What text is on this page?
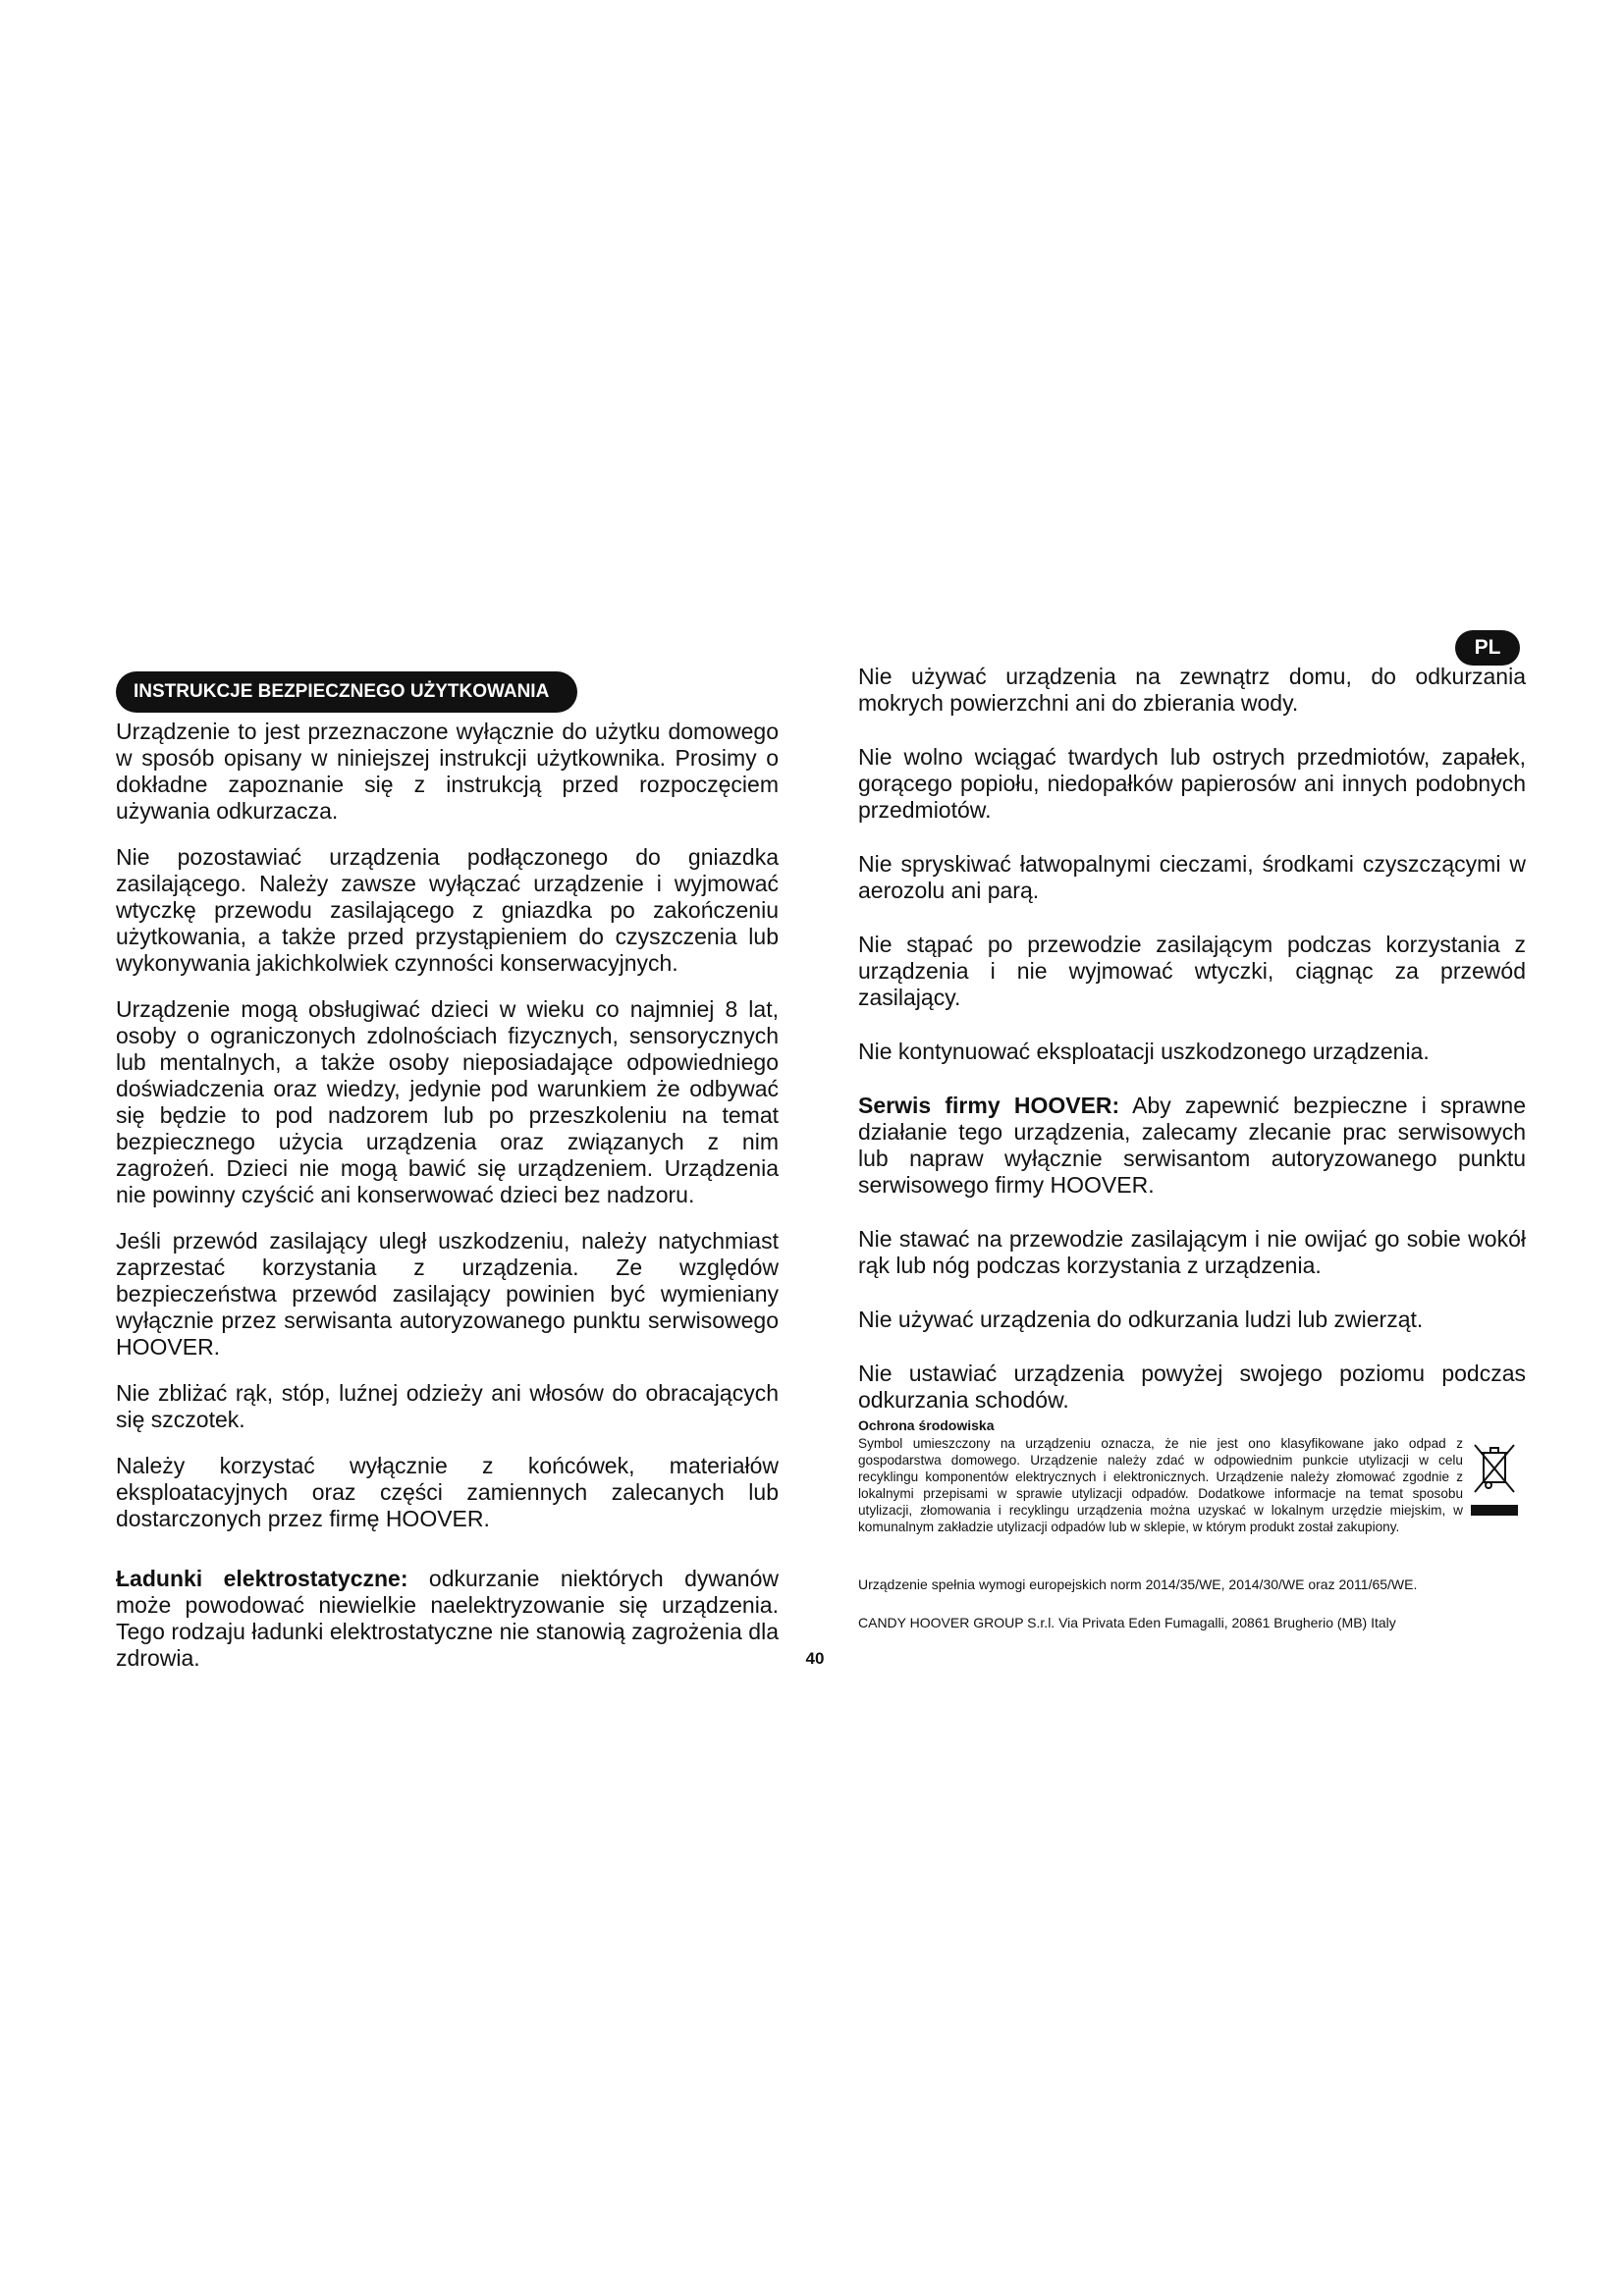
PL
INSTRUKCJE BEZPIECZNEGO UŻYTKOWANIA

Urządzenie to jest przeznaczone wyłącznie do użytku domowego w sposób opisany w niniejszej instrukcji użytkownika. Prosimy o dokładne zapoznanie się z instrukcją przed rozpoczęciem używania odkurzacza.

Nie pozostawiać urządzenia podłączonego do gniazdka zasilającego. Należy zawsze wyłączać urządzenie i wyjmować wtyczkę przewodu zasilającego z gniazdka po zakończeniu użytkowania, a także przed przystąpieniem do czyszczenia lub wykonywania jakichkolwiek czynności konserwacyjnych.

Urządzenie mogą obsługiwać dzieci w wieku co najmniej 8 lat, osoby o ograniczonych zdolnościach fizycznych, sensorycznych lub mentalnych, a także osoby nieposiadające odpowiedniego doświadczenia oraz wiedzy, jedynie pod warunkiem że odbywać się będzie to pod nadzorem lub po przeszkoleniu na temat bezpiecznego użycia urządzenia oraz związanych z nim zagrożeń. Dzieci nie mogą bawić się urządzeniem. Urządzenia nie powinny czyścić ani konserwować dzieci bez nadzoru.

Jeśli przewód zasilający uległ uszkodzeniu, należy natychmiast zaprzestać korzystania z urządzenia. Ze względów bezpieczeństwa przewód zasilający powinien być wymieniany wyłącznie przez serwisanta autoryzowanego punktu serwisowego HOOVER.

Nie zbliżać rąk, stóp, luźnej odzieży ani włosów do obracających się szczotek.

Należy korzystać wyłącznie z końcówek, materiałów eksploatacyjnych oraz części zamiennych zalecanych lub dostarczonych przez firmę HOOVER.

Ładunki elektrostatyczne: odkurzanie niektórych dywanów może powodować niewielkie naelektryzowanie się urządzenia. Tego rodzaju ładunki elektrostatyczne nie stanowią zagrożenia dla zdrowia.

Nie używać urządzenia na zewnątrz domu, do odkurzania mokrych powierzchni ani do zbierania wody.

Nie wolno wciągać twardych lub ostrych przedmiotów, zapałek, gorącego popiołu, niedopałków papierosów ani innych podobnych przedmiotów.

Nie spryskiwać łatwopalnymi cieczami, środkami czyszczącymi w aerozolu ani parą.

Nie stąpać po przewodzie zasilającym podczas korzystania z urządzenia i nie wyjmować wtyczki, ciągnąc za przewód zasilający.

Nie kontynuować eksploatacji uszkodzonego urządzenia.

Serwis firmy HOOVER: Aby zapewnić bezpieczne i sprawne działanie tego urządzenia, zalecamy zlecanie prac serwisowych lub napraw wyłącznie serwisantom autoryzowanego punktu serwisowego firmy HOOVER.

Nie stawać na przewodzie zasilającym i nie owijać go sobie wokół rąk lub nóg podczas korzystania z urządzenia.

Nie używać urządzenia do odkurzania ludzi lub zwierząt.

Nie ustawiać urządzenia powyżej swojego poziomu podczas odkurzania schodów.

Ochrona środowiska
Symbol umieszczony na urządzeniu oznacza, że nie jest ono klasyfikowane jako odpad z gospodarstwa domowego. Urządzenie należy zdać w odpowiednim punkcie utylizacji w celu recyklingu komponentów elektrycznych i elektronicznych. Urządzenie należy złomować zgodnie z lokalnymi przepisami w sprawie utylizacji odpadów. Dodatkowe informacje na temat sposobu utylizacji, złomowania i recyklingu urządzenia można uzyskać w lokalnym urzędzie miejskim, w komunalnym zakładzie utylizacji odpadów lub w sklepie, w którym produkt został zakupiony.
Urządzenie spełnia wymogi europejskich norm 2014/35/WE, 2014/30/WE oraz 2011/65/WE.
CANDY HOOVER GROUP S.r.l. Via Privata Eden Fumagalli, 20861 Brugherio (MB) Italy
40
